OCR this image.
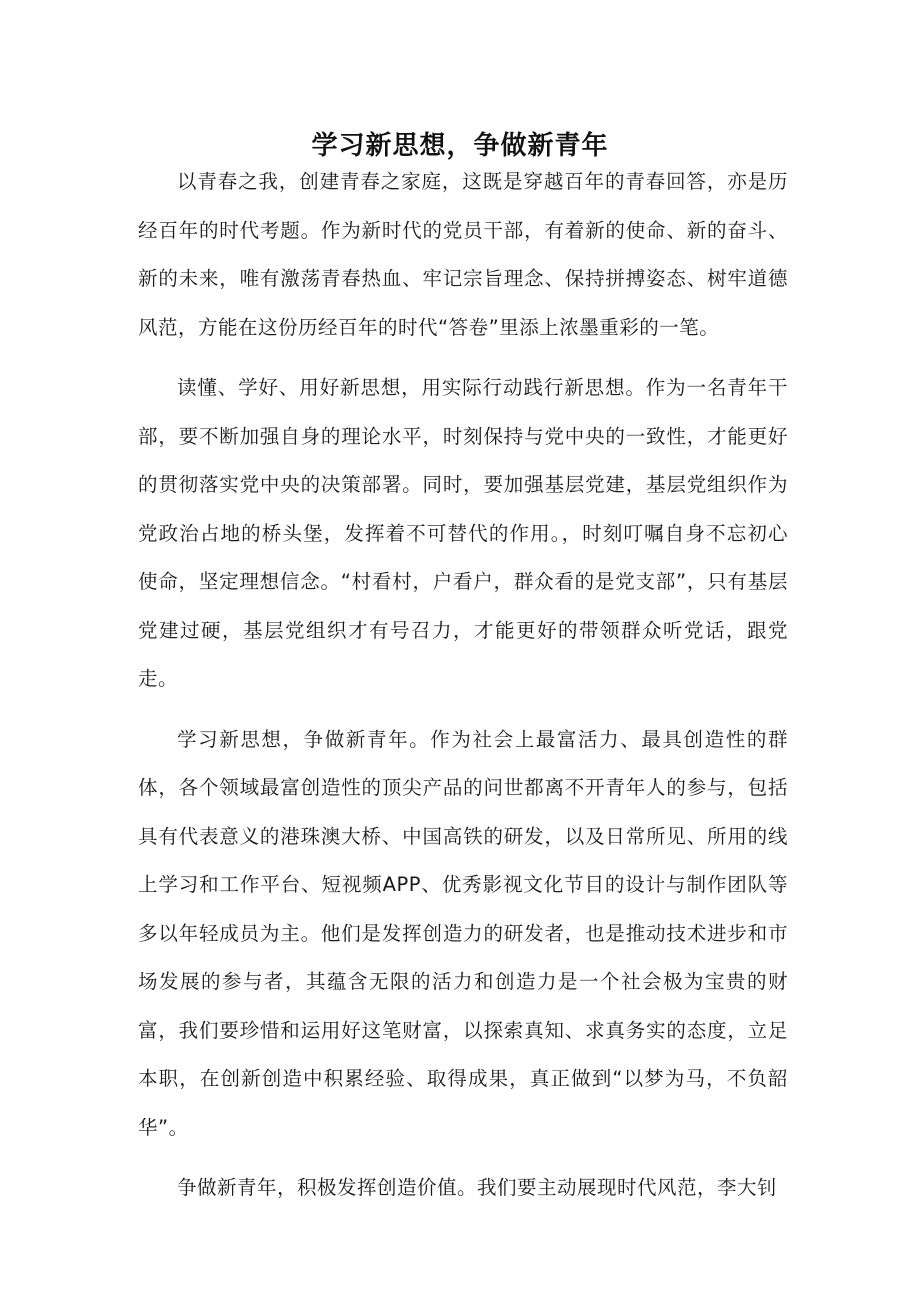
学习新思想，争做新青年

以青春之我，创建青春之家庭，这既是穿越百年的青春回答，亦是历经百年的时代考题。作为新时代的党员干部，有着新的使命、新的奋斗、新的未来，唯有激荡青春热血、牢记宗旨理念、保持拼搏姿态、树牢道德风范，方能在这份历经百年的时代“答卷”里添上浓墨重彩的一笔。

读懂、学好、用好新思想，用实际行动践行新思想。作为一名青年干部，要不断加强自身的理论水平，时刻保持与党中央的一致性，才能更好的贯彻落实党中央的决策部署。同时，要加强基层党建，基层党组织作为党政治占地的桥头堡，发挥着不可替代的作用。，时刻叮嘱自身不忘初心使命，坚定理想信念。“村看村，户看户，群众看的是党支部”，只有基层党建过硬，基层党组织才有号召力，才能更好的带领群众听党话，跟党走。

学习新思想，争做新青年。作为社会上最富活力、最具创造性的群体，各个领域最富创造性的顶尖产品的问世都离不开青年人的参与，包括具有代表意义的港珠澳大桥、中国高铁的研发，以及日常所见、所用的线上学习和工作平台、短视频APP、优秀影视文化节目的设计与制作团队等多以年轻成员为主。他们是发挥创造力的研发者，也是推动技术进步和市场发展的参与者，其蕴含无限的活力和创造力是一个社会极为宝贵的财富，我们要珍惜和运用好这笔财富，以探索真知、求真务实的态度，立足本职，在创新创造中积累经验、取得成果，真正做到“以梦为马，不负韶华”。

争做新青年，积极发挥创造价值。我们要主动展现时代风范，李大钊
